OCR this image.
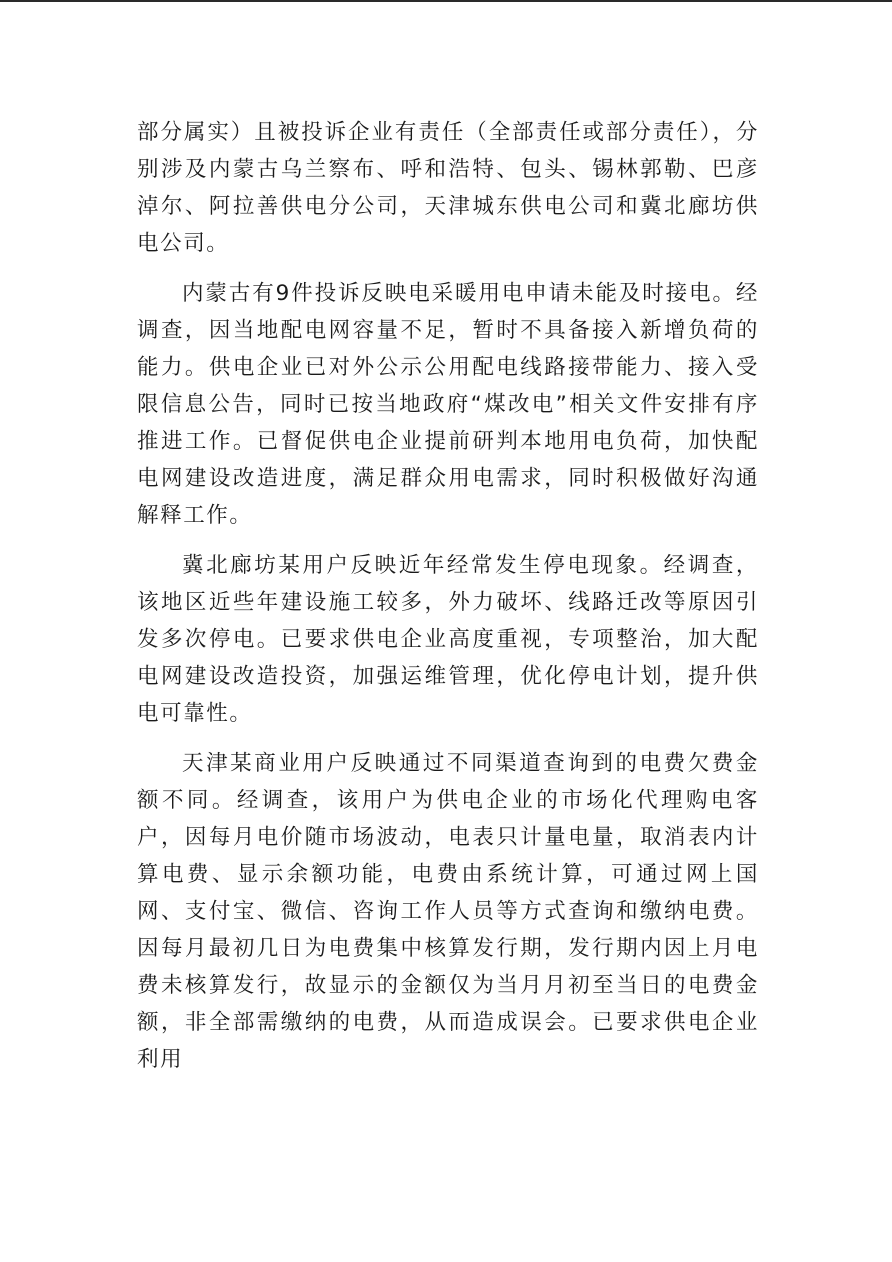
部分属实）且被投诉企业有责任（全部责任或部分责任），分别涉及内蒙古乌兰察布、呼和浩特、包头、锡林郭勒、巴彦淖尔、阿拉善供电分公司，天津城东供电公司和冀北廊坊供电公司。

内蒙古有9件投诉反映电采暖用电申请未能及时接电。经调查，因当地配电网容量不足，暂时不具备接入新增负荷的能力。供电企业已对外公示公用配电线路接带能力、接入受限信息公告，同时已按当地政府“煤改电”相关文件安排有序推进工作。已督促供电企业提前研判本地用电负荷，加快配电网建设改造进度，满足群众用电需求，同时积极做好沟通解释工作。

冀北廊坊某用户反映近年经常发生停电现象。经调查，该地区近些年建设施工较多，外力破坏、线路迁改等原因引发多次停电。已要求供电企业高度重视，专项整治，加大配电网建设改造投资，加强运维管理，优化停电计划，提升供电可靠性。

天津某商业用户反映通过不同渠道查询到的电费欠费金额不同。经调查，该用户为供电企业的市场化代理购电客户，因每月电价随市场波动，电表只计量电量，取消表内计算电费、显示余额功能，电费由系统计算，可通过网上国网、支付宝、微信、咨询工作人员等方式查询和缴纳电费。因每月最初几日为电费集中核算发行期，发行期内因上月电费未核算发行，故显示的金额仅为当月月初至当日的电费金额，非全部需缴纳的电费，从而造成误会。已要求供电企业利用
